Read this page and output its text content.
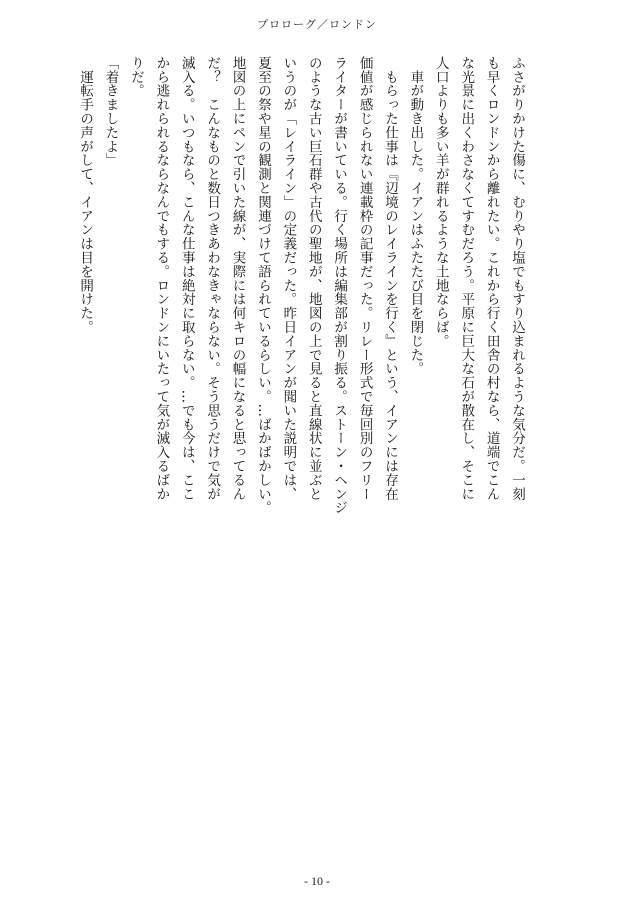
プロローグ／ロンドン
ふさがりかけた傷に、むりやり塩でもすり込まれるような気分だ。一刻
も早くロンドンから離れたい。これから行く田舎の村なら、道端でこん
な光景に出くわさなくてすむだろう。平原に巨大な石が散在し、そこに
人口よりも多い羊が群れるような土地ならば。
　車が動き出した。イアンはふたたび目を閉じた。
　もらった仕事は『辺境のレイラインを行く』という、イアンには存在
価値が感じられない連載枠の記事だった。リレー形式で毎回別のフリー
ライターが書いている。行く場所は編集部が割り振る。ストーン・ヘンジ
のような古い巨石群や古代の聖地が、地図の上で見ると直線状に並ぶと
いうのが「レイライン」の定義だった。昨日イアンが聞いた説明では、
夏至の祭や星の観測と関連づけて語られているらしい。…ばかばかしい。
地図の上にペンで引いた線が、実際には何キロの幅になると思ってるん
だ？　こんなものと数日つきあわなきゃならない。そう思うだけで気が
滅入る。いつもなら、こんな仕事は絶対に取らない。…でも今は、ここ
から逃れられるならなんでもする。ロンドンにいたって気が滅入るばか
りだ。
「着きましたよ」
　運転手の声がして、イアンは目を開けた。
- 10 -
